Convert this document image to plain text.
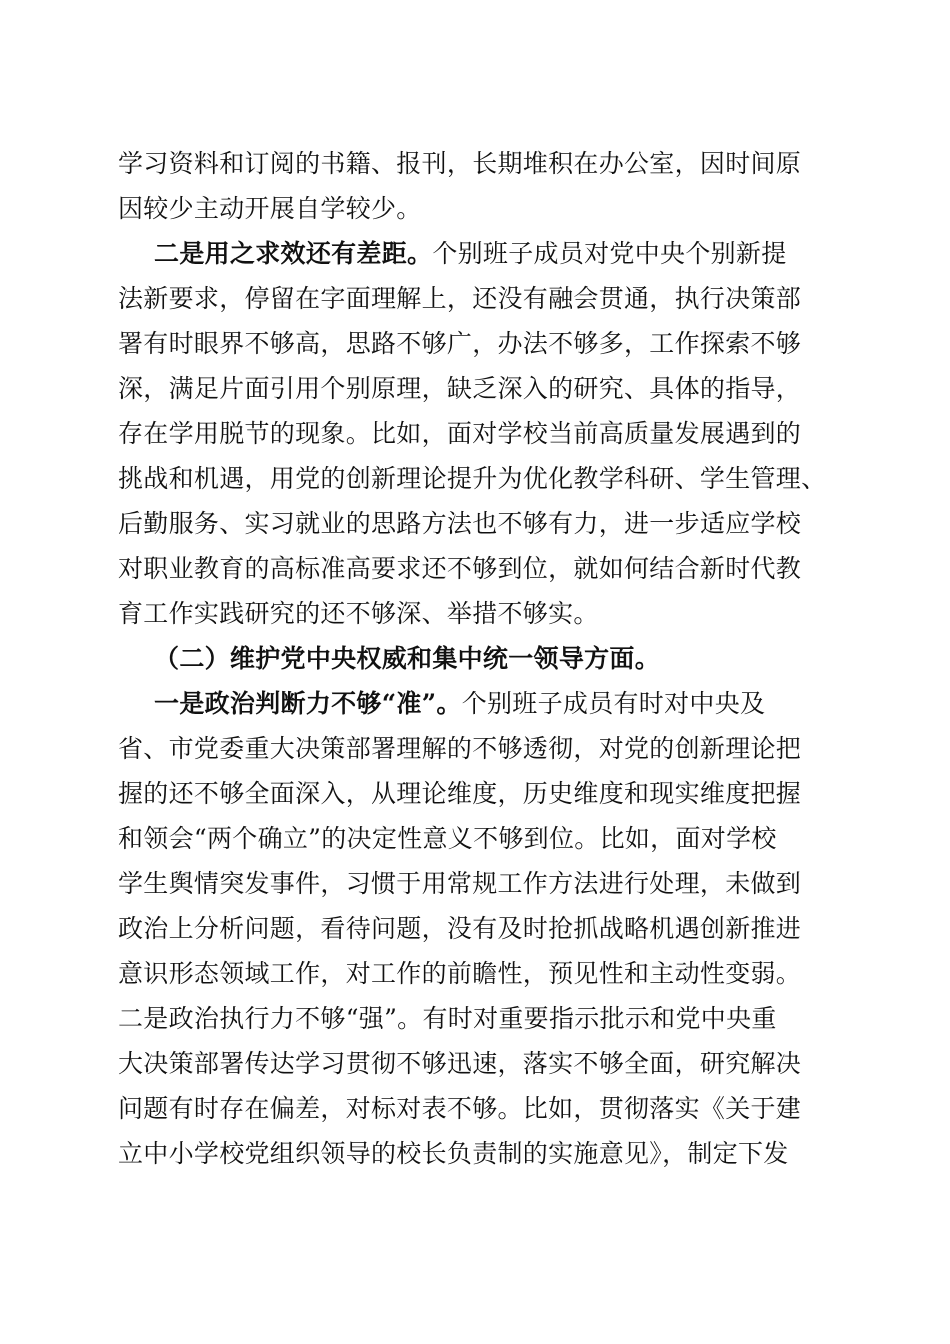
学习资料和订阅的书籍、报刊，长期堆积在办公室，因时间原
因较少主动开展自学较少。
二是用之求效还有差距。个别班子成员对党中央个别新提
法新要求，停留在字面理解上，还没有融会贯通，执行决策部
署有时眼界不够高，思路不够广，办法不够多，工作探索不够
深，满足片面引用个别原理，缺乏深入的研究、具体的指导，
存在学用脱节的现象。比如，面对学校当前高质量发展遇到的
挑战和机遇，用党的创新理论提升为优化教学科研、学生管理、
后勤服务、实习就业的思路方法也不够有力，进一步适应学校
对职业教育的高标准高要求还不够到位，就如何结合新时代教
育工作实践研究的还不够深、举措不够实。
（二）维护党中央权威和集中统一领导方面。
一是政治判断力不够“准”。个别班子成员有时对中央及
省、市党委重大决策部署理解的不够透彻，对党的创新理论把
握的还不够全面深入，从理论维度，历史维度和现实维度把握
和领会“两个确立”的决定性意义不够到位。比如，面对学校
学生舆情突发事件，习惯于用常规工作方法进行处理，未做到
政治上分析问题，看待问题，没有及时抢抓战略机遇创新推进
意识形态领域工作，对工作的前瞻性，预见性和主动性变弱。
二是政治执行力不够“强”。有时对重要指示批示和党中央重
大决策部署传达学习贯彻不够迅速，落实不够全面，研究解决
问题有时存在偏差，对标对表不够。比如，贯彻落实《关于建
立中小学校党组织领导的校长负责制的实施意见》，制定下发
